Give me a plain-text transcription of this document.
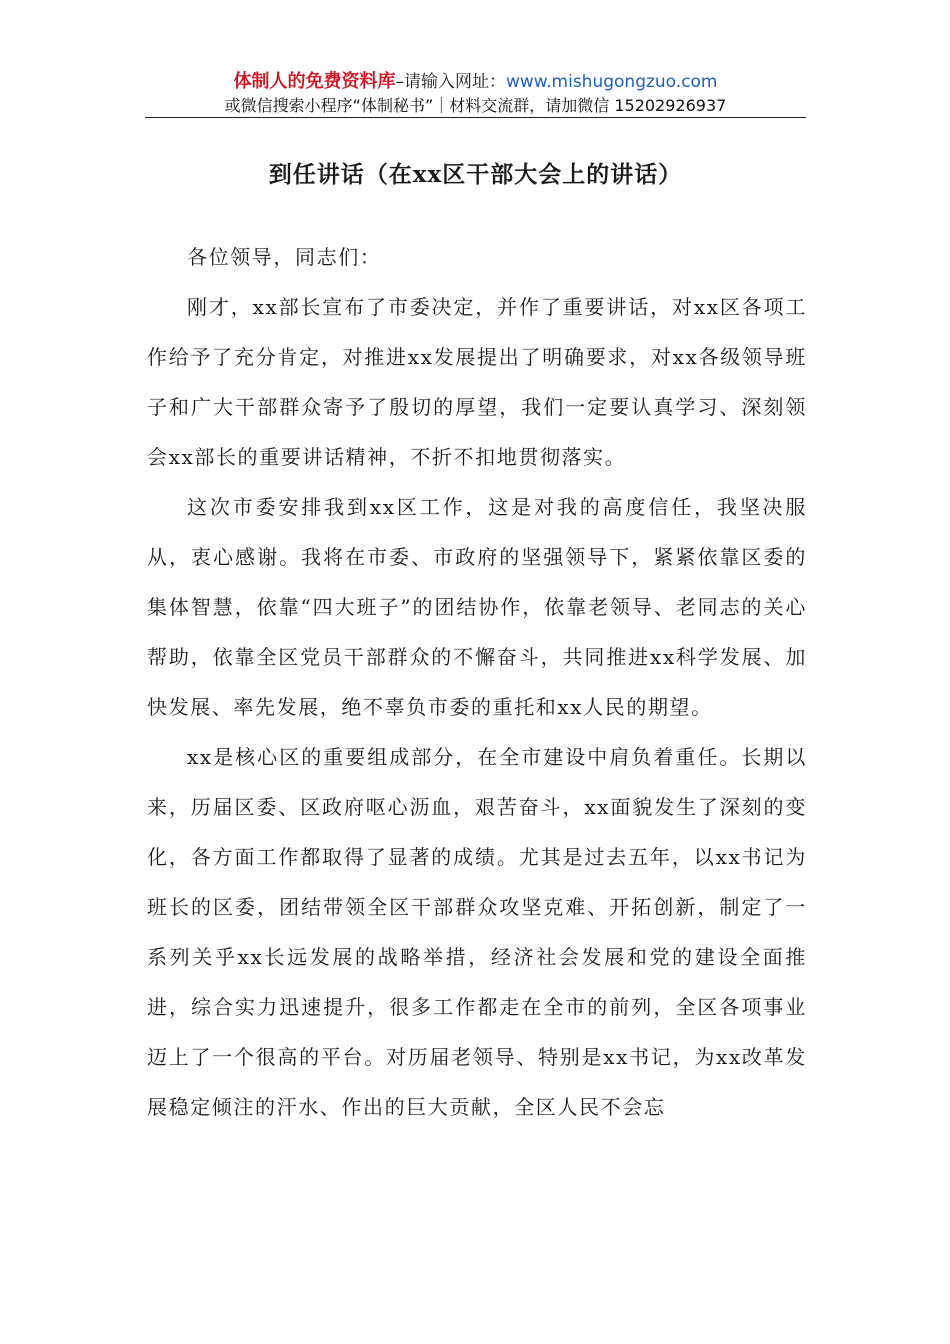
体制人的免费资料库–请输入网址：www.mishugongzuo.com
或微信搜索小程序“体制秘书”｜材料交流群，请加微信 15202926937
到任讲话（在xx区干部大会上的讲话）

各位领导，同志们：

刚才，xx部长宣布了市委决定，并作了重要讲话，对xx区各项工作给予了充分肯定，对推进xx发展提出了明确要求，对xx各级领导班子和广大干部群众寄予了殷切的厚望，我们一定要认真学习、深刻领会xx部长的重要讲话精神，不折不扣地贯彻落实。

这次市委安排我到xx区工作，这是对我的高度信任，我坚决服从，衷心感谢。我将在市委、市政府的坚强领导下，紧紧依靠区委的集体智慧，依靠“四大班子”的团结协作，依靠老领导、老同志的关心帮助，依靠全区党员干部群众的不懈奋斗，共同推进xx科学发展、加快发展、率先发展，绝不辜负市委的重托和xx人民的期望。

xx是核心区的重要组成部分，在全市建设中肩负着重任。长期以来，历届区委、区政府呕心沥血，艰苦奋斗，xx面貌发生了深刻的变化，各方面工作都取得了显著的成绩。尤其是过去五年，以xx书记为班长的区委，团结带领全区干部群众攻坚克难、开拓创新，制定了一系列关乎xx长远发展的战略举措，经济社会发展和党的建设全面推进，综合实力迅速提升，很多工作都走在全市的前列，全区各项事业迈上了一个很高的平台。对历届老领导、特别是xx书记，为xx改革发展稳定倾注的汗水、作出的巨大贡献，全区人民不会忘
